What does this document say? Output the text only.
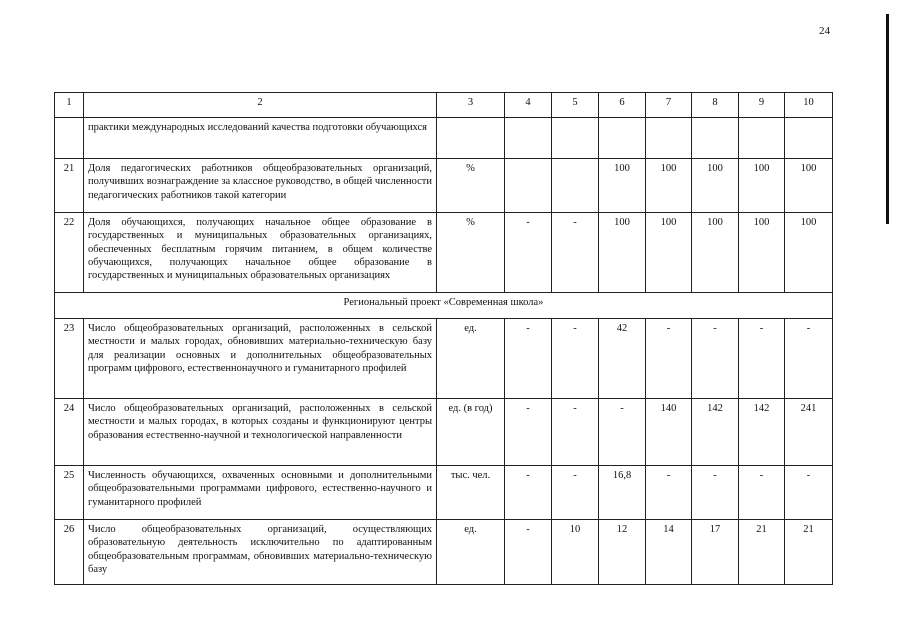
24
1	2	3	4	5	6	7	8	9	10
	практики международных исследований качества подготовки обучающихся								
21	Доля педагогических работников общеобразовательных организаций, получивших вознаграждение за классное руководство, в общей численности педагогических работников такой категории	%			100	100	100	100	100
22	Доля обучающихся, получающих начальное общее образование в государственных и муниципальных образовательных организациях, обеспеченных бесплатным горячим питанием, в общем количестве обучающихся, получающих начальное общее образование в государственных и муниципальных образовательных организациях	%	-	-	100	100	100	100	100
Региональный проект «Современная школа»									
23	Число общеобразовательных организаций, расположенных в сельской местности и малых городах, обновивших материально-техническую базу для реализации основных и дополнительных общеобразовательных программ цифрового, естественнонаучного и гуманитарного профилей	ед.	-	-	42	-	-	-	-
24	Число общеобразовательных организаций, расположенных в сельской местности и малых городах, в которых созданы и функционируют центры образования естественно-научной и технологической направленности	ед. (в год)	-	-	-	140	142	142	241
25	Численность обучающихся, охваченных основными и дополнительными общеобразовательными программами цифрового, естественно-научного и гуманитарного профилей	тыс. чел.	-	-	16,8	-	-	-	-
26	Число общеобразовательных организаций, осуществляющих образовательную деятельность исключительно по адаптированным общеобразовательным программам, обновивших материально-техническую базу	ед.	-	10	12	14	17	21	21
